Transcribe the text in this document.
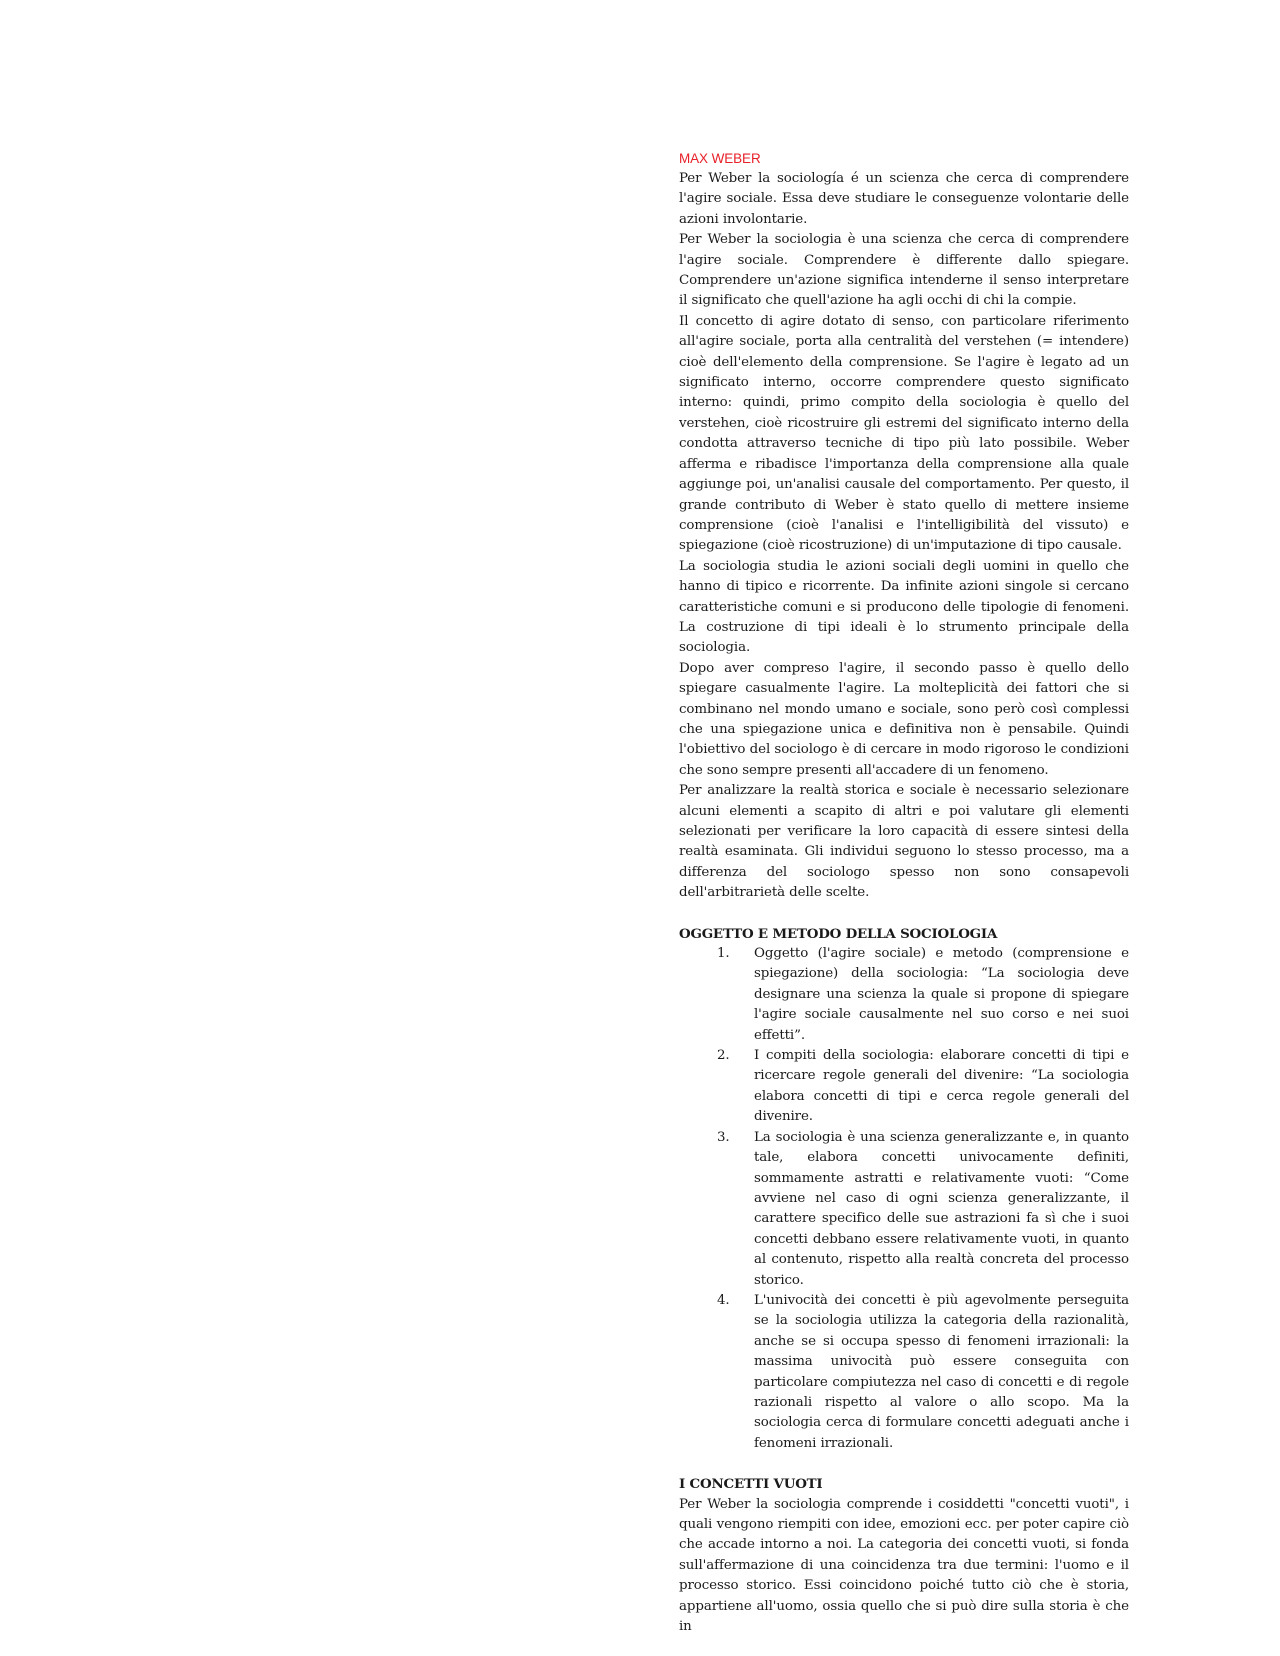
MAX WEBER

Per Weber la sociología é un scienza che cerca di comprendere l'agire sociale. Essa deve studiare le conseguenze volontarie delle azioni involontarie.

Per Weber la sociologia è una scienza che cerca di comprendere l'agire sociale. Comprendere è differente dallo spiegare. Comprendere un'azione significa intenderne il senso interpretare il significato che quell'azione ha agli occhi di chi la compie.

Il concetto di agire dotato di senso, con particolare riferimento all'agire sociale, porta alla centralità del verstehen (= intendere) cioè dell'elemento della comprensione. Se l'agire è legato ad un significato interno, occorre comprendere questo significato interno: quindi, primo compito della sociologia è quello del verstehen, cioè ricostruire gli estremi del significato interno della condotta attraverso tecniche di tipo più lato possibile. Weber afferma e ribadisce l'importanza della comprensione alla quale aggiunge poi, un'analisi causale del comportamento. Per questo, il grande contributo di Weber è stato quello di mettere insieme comprensione (cioè l'analisi e l'intelligibilità del vissuto) e spiegazione (cioè ricostruzione) di un'imputazione di tipo causale.

La sociologia studia le azioni sociali degli uomini in quello che hanno di tipico e ricorrente. Da infinite azioni singole si cercano caratteristiche comuni e si producono delle tipologie di fenomeni. La costruzione di tipi ideali è lo strumento principale della sociologia.

Dopo aver compreso l'agire, il secondo passo è quello dello spiegare casualmente l'agire. La molteplicità dei fattori che si combinano nel mondo umano e sociale, sono però così complessi che una spiegazione unica e definitiva non è pensabile. Quindi l'obiettivo del sociologo è di cercare in modo rigoroso le condizioni che sono sempre presenti all'accadere di un fenomeno.

Per analizzare la realtà storica e sociale è necessario selezionare alcuni elementi a scapito di altri e poi valutare gli elementi selezionati per verificare la loro capacità di essere sintesi della realtà esaminata. Gli individui seguono lo stesso processo, ma a differenza del sociologo spesso non sono consapevoli dell'arbitrarietà delle scelte.

OGGETTO E METODO DELLA SOCIOLOGIA
1. Oggetto (l'agire sociale) e metodo (comprensione e spiegazione) della sociologia: “La sociologia deve designare una scienza la quale si propone di spiegare l'agire sociale causalmente nel suo corso e nei suoi effetti”.
2. I compiti della sociologia: elaborare concetti di tipi e ricercare regole generali del divenire: “La sociologia elabora concetti di tipi e cerca regole generali del divenire.
3. La sociologia è una scienza generalizzante e, in quanto tale, elabora concetti univocamente definiti, sommamente astratti e relativamente vuoti: “Come avviene nel caso di ogni scienza generalizzante, il carattere specifico delle sue astrazioni fa sì che i suoi concetti debbano essere relativamente vuoti, in quanto al contenuto, rispetto alla realtà concreta del processo storico.
4. L'univocità dei concetti è più agevolmente perseguita se la sociologia utilizza la categoria della razionalità, anche se si occupa spesso di fenomeni irrazionali: la massima univocità può essere conseguita con particolare compiutezza nel caso di concetti e di regole razionali rispetto al valore o allo scopo. Ma la sociologia cerca di formulare concetti adeguati anche i fenomeni irrazionali.
I CONCETTI VUOTI

Per Weber la sociologia comprende i cosiddetti "concetti vuoti", i quali vengono riempiti con idee, emozioni ecc. per poter capire ciò che accade intorno a noi. La categoria dei concetti vuoti, si fonda sull'affermazione di una coincidenza tra due termini: l'uomo e il processo storico. Essi coincidono poiché tutto ciò che è storia, appartiene all'uomo, ossia quello che si può dire sulla storia è che in
